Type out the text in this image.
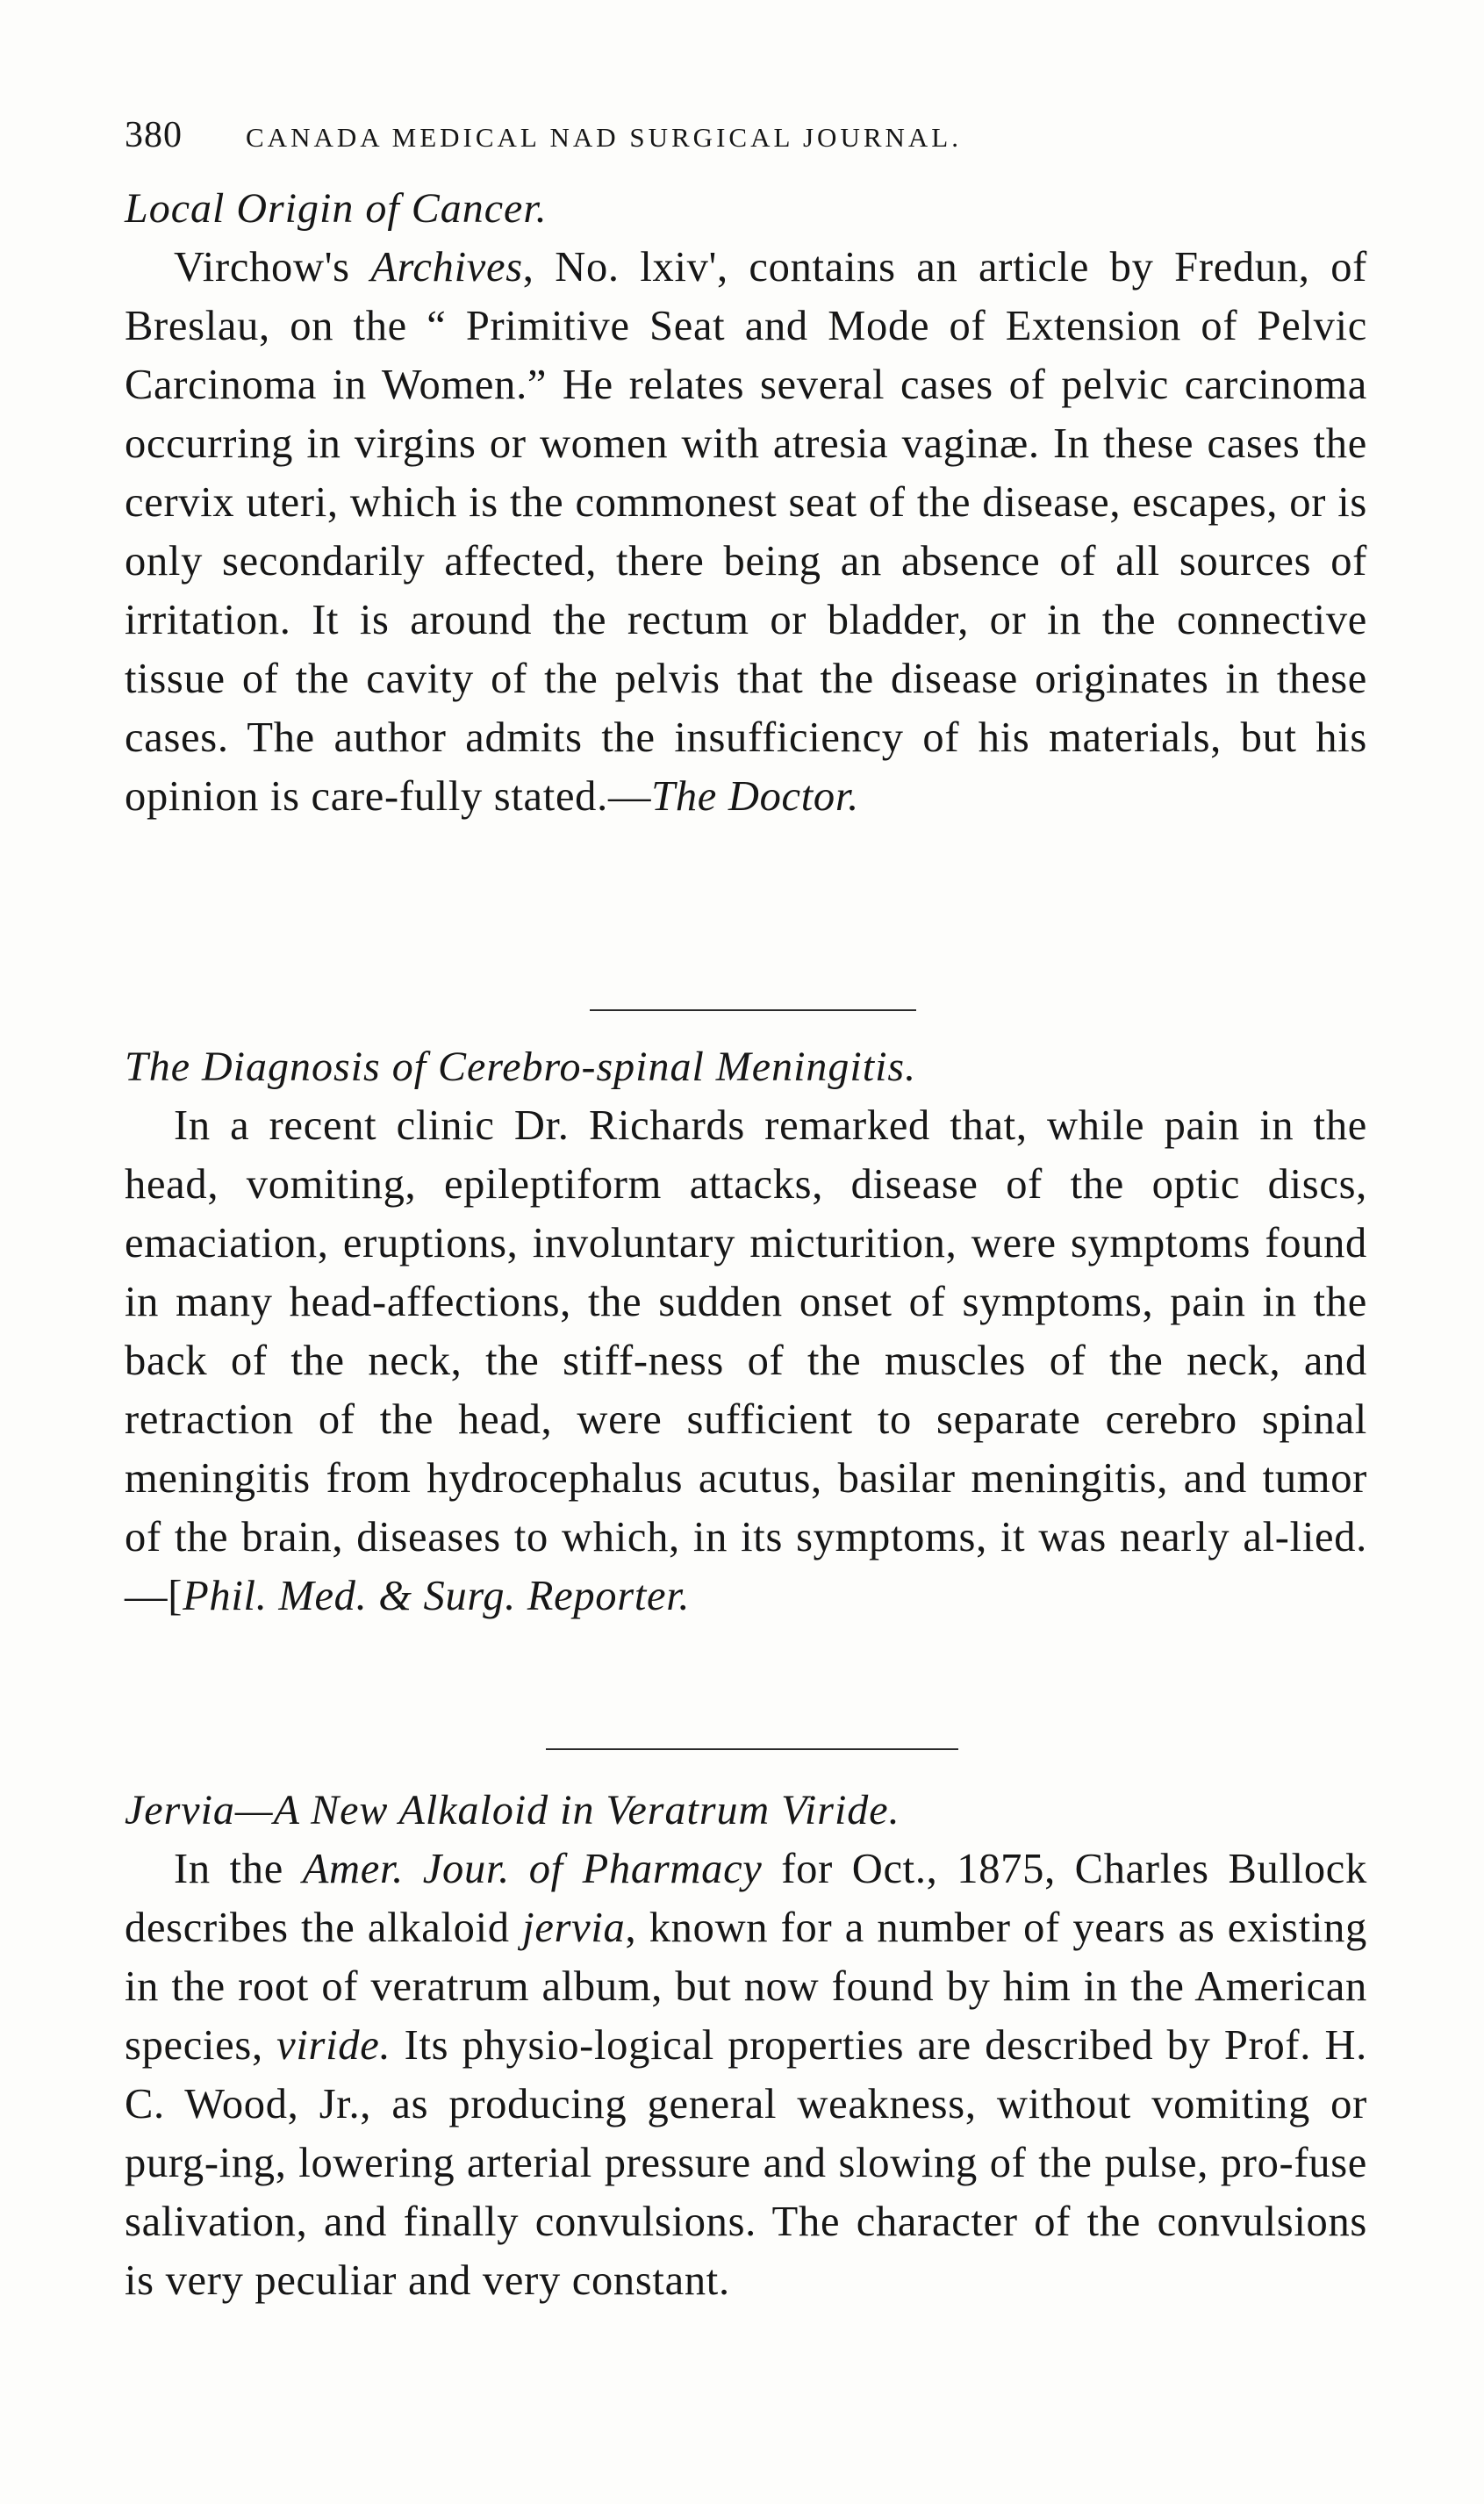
380 CANADA MEDICAL NAD SURGICAL JOURNAL.
Local Origin of Cancer.

Virchow's Archives, No. lxiv', contains an article by Fredun, of Breslau, on the “ Primitive Seat and Mode of Extension of Pelvic Carcinoma in Women.” He relates several cases of pelvic carcinoma occurring in virgins or women with atresia vaginæ. In these cases the cervix uteri, which is the commonest seat of the disease, escapes, or is only secondarily affected, there being an absence of all sources of irritation. It is around the rectum or bladder, or in the connective tissue of the cavity of the pelvis that the disease originates in these cases. The author admits the insufficiency of his materials, but his opinion is care-fully stated.—The Doctor.

The Diagnosis of Cerebro-spinal Meningitis.

In a recent clinic Dr. Richards remarked that, while pain in the head, vomiting, epileptiform attacks, disease of the optic discs, emaciation, eruptions, involuntary micturition, were symptoms found in many head-affections, the sudden onset of symptoms, pain in the back of the neck, the stiff-ness of the muscles of the neck, and retraction of the head, were sufficient to separate cerebro spinal meningitis from hydrocephalus acutus, basilar meningitis, and tumor of the brain, diseases to which, in its symptoms, it was nearly al-lied.—[Phil. Med. & Surg. Reporter.

Jervia—A New Alkaloid in Veratrum Viride.

In the Amer. Jour. of Pharmacy for Oct., 1875, Charles Bullock describes the alkaloid jervia, known for a number of years as existing in the root of veratrum album, but now found by him in the American species, viride. Its physio-logical properties are described by Prof. H. C. Wood, Jr., as producing general weakness, without vomiting or purg-ing, lowering arterial pressure and slowing of the pulse, pro-fuse salivation, and finally convulsions. The character of the convulsions is very peculiar and very constant.
